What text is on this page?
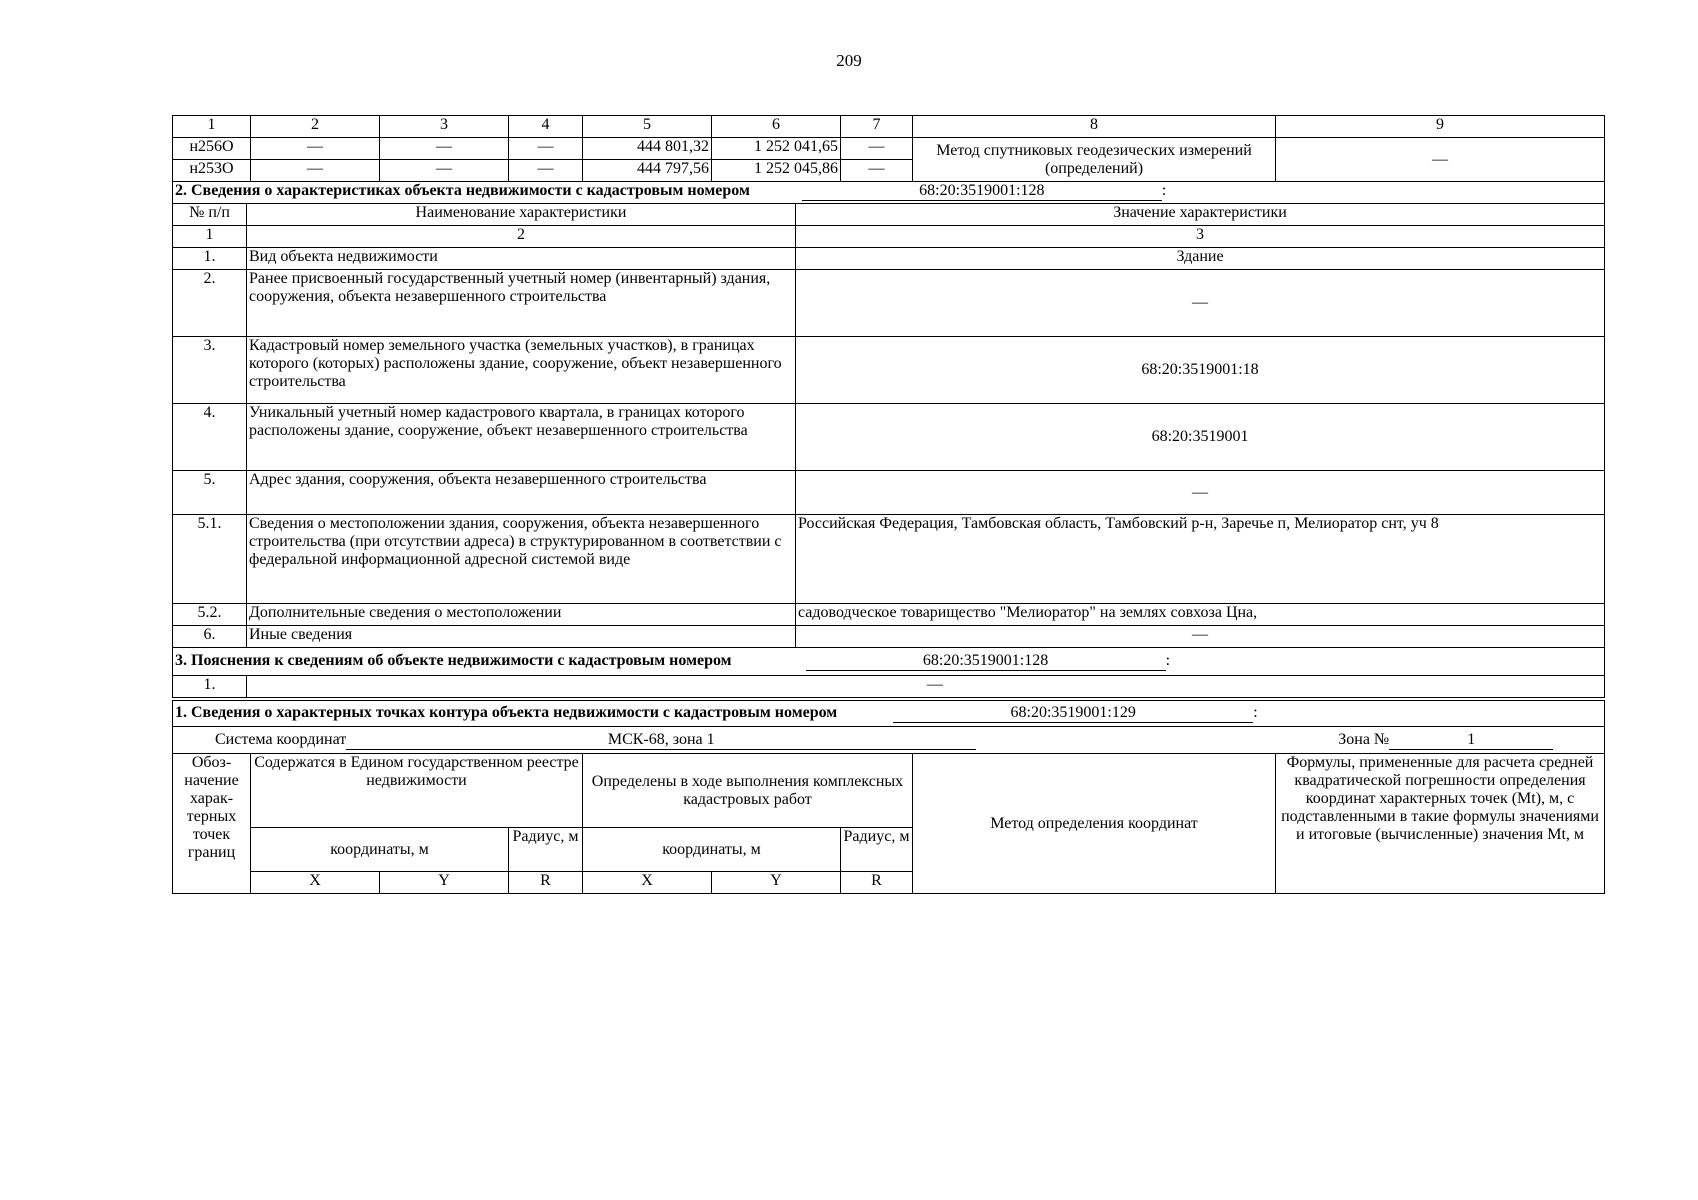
209
1	2	3	4	5	6	7	8	9
н256О	—	—	—	444 801,32	1 252 041,65	—	Метод спутниковых геодезических измерений (определений)	—
н253О	—	—	—	444 797,56	1 252 045,86	—		
2. Сведения о характеристиках объекта недвижимости с кадастровым номером 68:20:3519001:128 :		
№ п/п	Наименование характеристики	Значение характеристики
1	2	3
1.	Вид объекта недвижимости	Здание
2.	Ранее присвоенный государственный учетный номер (инвентарный) здания, сооружения, объекта незавершенного строительства	—
3.	Кадастровый номер земельного участка (земельных участков), в границах которого (которых) расположены здание, сооружение, объект незавершенного строительства	68:20:3519001:18
4.	Уникальный учетный номер кадастрового квартала, в границах которого расположены здание, сооружение, объект незавершенного строительства	68:20:3519001
5.	Адрес здания, сооружения, объекта незавершенного строительства	—
5.1.	Сведения о местоположении здания, сооружения, объекта незавершенного строительства (при отсутствии адреса) в структурированном в соответствии с федеральной информационной адресной системой виде	Российская Федерация, Тамбовская область, Тамбовский р-н, Заречье п, Мелиоратор снт, уч 8
5.2.	Дополнительные сведения о местоположении	садоводческое товарищество "Мелиоратор" на землях совхоза Цна,
6.	Иные сведения	—
3. Пояснения к сведениям об объекте недвижимости с кадастровым номером 68:20:3519001:128 :		
1.	—	
1. Сведения о характерных точках контура объекта недвижимости с кадастровым номером 68:20:3519001:129 :								
Система координат МСК-68, зона 1 Зона № 1								
Обоз-начение харак-терных точек границ	Содержатся в Едином государственном реестре недвижимости			Определены в ходе выполнения комплексных кадастровых работ			Метод определения координат	Формулы, примененные для расчета средней квадратической погрешности определения координат характерных точек (Mt), м, с подставленными в такие формулы значениями и итоговые (вычисленные) значения Mt, м
	координаты, м		Радиус, м	координаты, м		Радиус, м		
	X	Y	R	X	Y	R		
